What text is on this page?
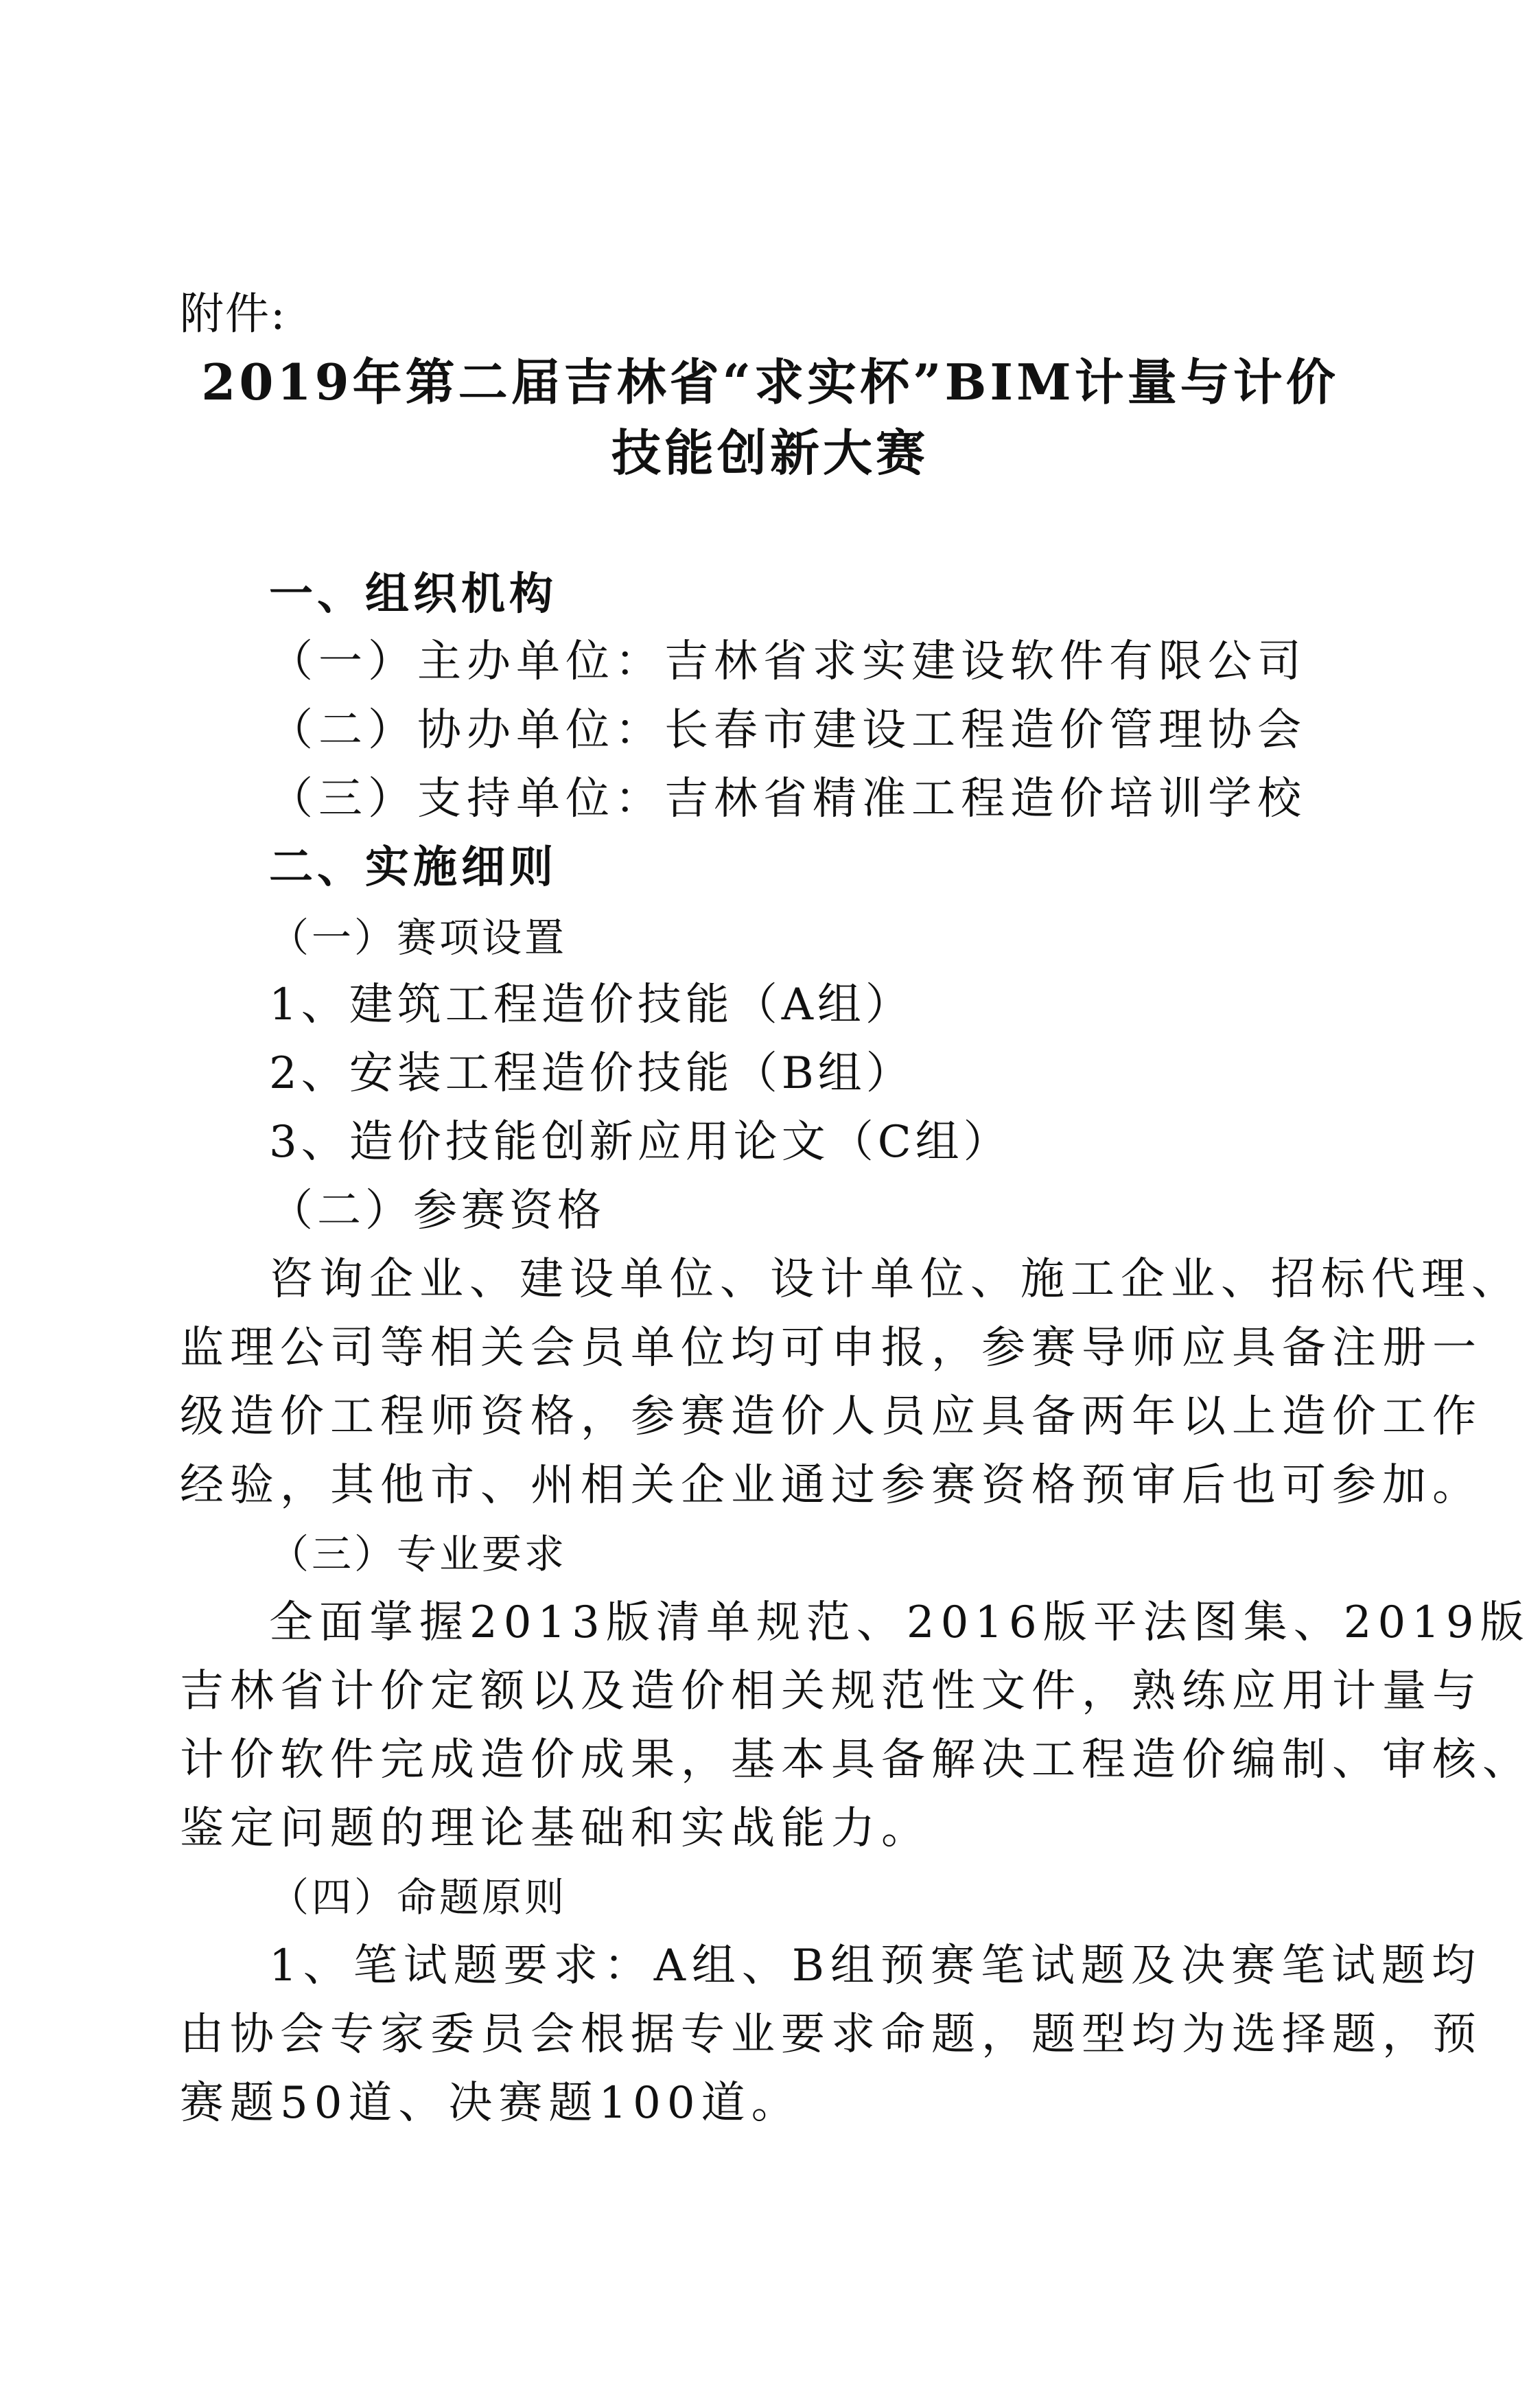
附件:
2019年第二届吉林省“求实杯”BIM计量与计价
技能创新大赛
一、组织机构
（一）主办单位：吉林省求实建设软件有限公司
（二）协办单位：长春市建设工程造价管理协会
（三）支持单位：吉林省精准工程造价培训学校
二、实施细则
（一）赛项设置
1、建筑工程造价技能（A组）
2、安装工程造价技能（B组）
3、造价技能创新应用论文（C组）
（二）参赛资格
咨询企业、建设单位、设计单位、施工企业、招标代理、
监理公司等相关会员单位均可申报，参赛导师应具备注册一
级造价工程师资格，参赛造价人员应具备两年以上造价工作
经验，其他市、州相关企业通过参赛资格预审后也可参加。
（三）专业要求
全面掌握2013版清单规范、2016版平法图集、2019版
吉林省计价定额以及造价相关规范性文件，熟练应用计量与
计价软件完成造价成果，基本具备解决工程造价编制、审核、
鉴定问题的理论基础和实战能力。
（四）命题原则
1、笔试题要求：A组、B组预赛笔试题及决赛笔试题均
由协会专家委员会根据专业要求命题，题型均为选择题，预
赛题50道、决赛题100道。
